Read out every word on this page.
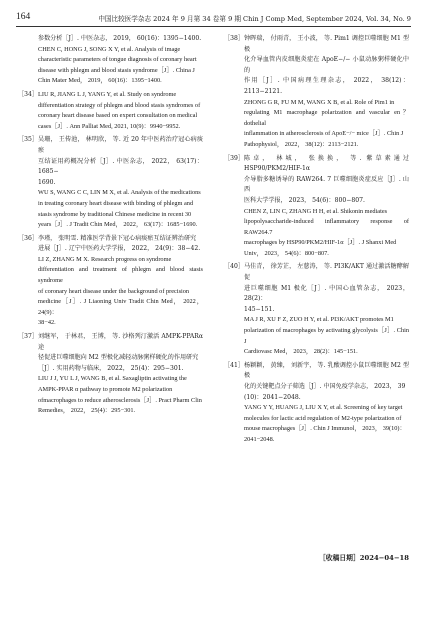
164	中国比较医学杂志 2024 年 9 月第 34 卷第 9 期 Chin J Comp Med, September 2024, Vol. 34, No. 9
参数分析［J］. 中医杂志， 2019， 60(16)：1395−1400.
CHEN C, HONG J, SONG X Y, et al. Analysis of image
characteristic parameters of tongue diagnosis of coronary heart
disease with phlegm and blood stasis syndrome［J］. China J
Chin Mater Med， 2019， 60(16)：1395−1400.
［34］ LIU R, JIANG L J, YANG Y, et al. Study on syndrome
differentiation strategy of phlegm and blood stasis syndromes of
coronary heart disease based on expert consultation on medical
cases［J］. Ann Palliat Med, 2021, 10(9)：9940−9952.
［35］ 吴珊， 王传池， 林明欣， 等. 近 20 年中医药治疗冠心病痰瘀
互结证用药概况分析［J］. 中医杂志， 2022， 63(17)：1685−
1690.
WU S, WANG C C, LIN M X, et al. Analysis of the medications
in treating coronary heart disease with binding of phlegm and
stasis syndrome by traditional Chinese medicine in recent 30
years［J］. J Tradit Chin Med， 2022， 63(17)：1685−1690.
［36］ 李瑾， 张明雪. 精准医学背景下冠心病痰瘀互结证辨治研究
进展［J］. 辽宁中医药大学学报， 2022， 24(9)：38−42.
LI Z, ZHANG M X. Research progress on syndrome
differentiation and treatment of phlegm and blood stasis syndrome
of coronary heart disease under the background of precision
medicine［J］. J Liaoning Univ Tradit Chin Med， 2022， 24(9)：
38−42.
［37］ 刘继军， 于林君， 王博， 等. 沙格列汀激活 AMPK-PPARα 途
径促进巨噬细胞向 M2 型极化减轻动脉粥样硬化的作用研究
［J］. 实用药物与临床， 2022， 25(4)：295−301.
LIU J J, YU L J, WANG B, et al. Saxagliptin activating the
AMPK-PPAR α pathway to promote M2 polarization
ofmacrophages to reduce atherosclerosis［J］. Pract Pharm Clin
Remedies， 2022， 25(4)：295−301.
［38］ 钟晖瑞， 付雨青， 王小波， 等. Pim1 调控巨噬细胞 M1 型极
化介导血管内皮细胞炎症在 ApoE−/− 小鼠动脉粥样硬化中的
作用［J］. 中国病理生理杂志， 2022， 38(12)：2113−2121.
ZHONG G R, FU M M, WANG X B, et al. Role of Pim1 in
regulating M1 macrophage polarization and vascular en？dothelial
inflammation in atherosclerosis of ApoE−/− mice［J］. Chin J
Pathophysiol， 2022， 38(12)：2113−2121.
［39］ 陈卓， 林城， 张换换， 等. 紫草素通过 HSP90/PKM2/HIF-1α
介导脂多糖诱导的 RAW264. 7 巨噬细胞炎症反应［J］. 山西
医科大学学报， 2023， 54(6)：800−807.
CHEN Z, LIN C, ZHANG H H, et al. Shikonin mediates
lipopolysaccharide-induced inflammatory response of RAW264.7
macrophages by HSP90/PKM2/HIF-1α［J］. J Shanxi Med
Univ， 2023， 54(6)：800−807.
［40］ 马佳青， 徐芳芷， 左慈涛， 等. PI3K/AKT 通过激活糖酵解促
进巨噬细胞 M1 极化［J］. 中国心血管杂志， 2023， 28(2)：
145−151.
MA J R, XU F Z, ZUO H Y, et al. PI3K/AKT promotes M1
polarization of macrophages by activating glycolysis［J］. Chin J
Cardiovasc Med， 2023， 28(2)：145−151.
［41］ 杨颖颖， 黄臻， 刘新宇， 等. 乳酸调控小鼠巨噬细胞 M2 型极
化的关键靶点分子筛选［J］. 中国免疫学杂志， 2023， 39
(10)：2041−2048.
YANG Y Y, HUANG J, LIU X Y, et al. Screening of key target
molecules for lactic acid regulation of M2-type polarization of
mouse macrophages［J］. Chin J Immunol， 2023， 39(10)：
2041−2048.
［收稿日期］2024−04−18
